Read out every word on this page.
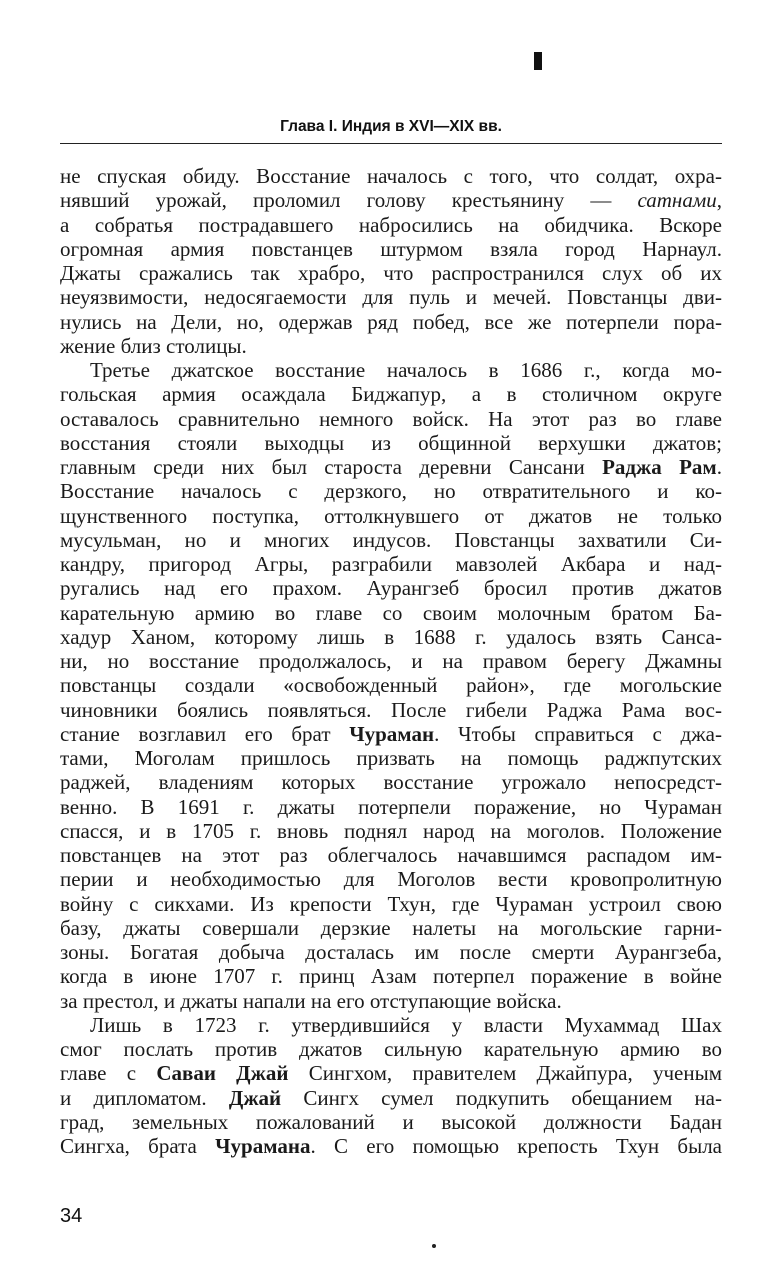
Глава I. Индия в XVI—XIX вв.
не спуская обиду. Восстание началось с того, что солдат, охра-
нявший урожай, проломил голову крестьянину — сатнами,
а собратья пострадавшего набросились на обидчика. Вскоре
огромная армия повстанцев штурмом взяла город Нарнаул.
Джаты сражались так храбро, что распространился слух об их
неуязвимости, недосягаемости для пуль и мечей. Повстанцы дви-
нулись на Дели, но, одержав ряд побед, все же потерпели пора-
жение близ столицы.
Третье джатское восстание началось в 1686 г., когда мо-
гольская армия осаждала Биджапур, а в столичном округе
оставалось сравнительно немного войск. На этот раз во главе
восстания стояли выходцы из общинной верхушки джатов;
главным среди них был староста деревни Сансани Раджа Рам.
Восстание началось с дерзкого, но отвратительного и ко-
щунственного поступка, оттолкнувшего от джатов не только
мусульман, но и многих индусов. Повстанцы захватили Си-
кандру, пригород Агры, разграбили мавзолей Акбара и над-
ругались над его прахом. Аурангзеб бросил против джатов
карательную армию во главе со своим молочным братом Ба-
хадур Ханом, которому лишь в 1688 г. удалось взять Санса-
ни, но восстание продолжалось, и на правом берегу Джамны
повстанцы создали «освобожденный район», где могольские
чиновники боялись появляться. После гибели Раджа Рама вос-
стание возглавил его брат Чураман. Чтобы справиться с джа-
тами, Моголам пришлось призвать на помощь раджпутских
раджей, владениям которых восстание угрожало непосредст-
венно. В 1691 г. джаты потерпели поражение, но Чураман
спасся, и в 1705 г. вновь поднял народ на моголов. Положение
повстанцев на этот раз облегчалось начавшимся распадом им-
перии и необходимостью для Моголов вести кровопролитную
войну с сикхами. Из крепости Тхун, где Чураман устроил свою
базу, джаты совершали дерзкие налеты на могольские гарни-
зоны. Богатая добыча досталась им после смерти Аурангзеба,
когда в июне 1707 г. принц Азам потерпел поражение в войне
за престол, и джаты напали на его отступающие войска.
Лишь в 1723 г. утвердившийся у власти Мухаммад Шах
смог послать против джатов сильную карательную армию во
главе с Саваи Джай Сингхом, правителем Джайпура, ученым
и дипломатом. Джай Сингх сумел подкупить обещанием на-
град, земельных пожалований и высокой должности Бадан
Сингха, брата Чурамана. С его помощью крепость Тхун была
34
